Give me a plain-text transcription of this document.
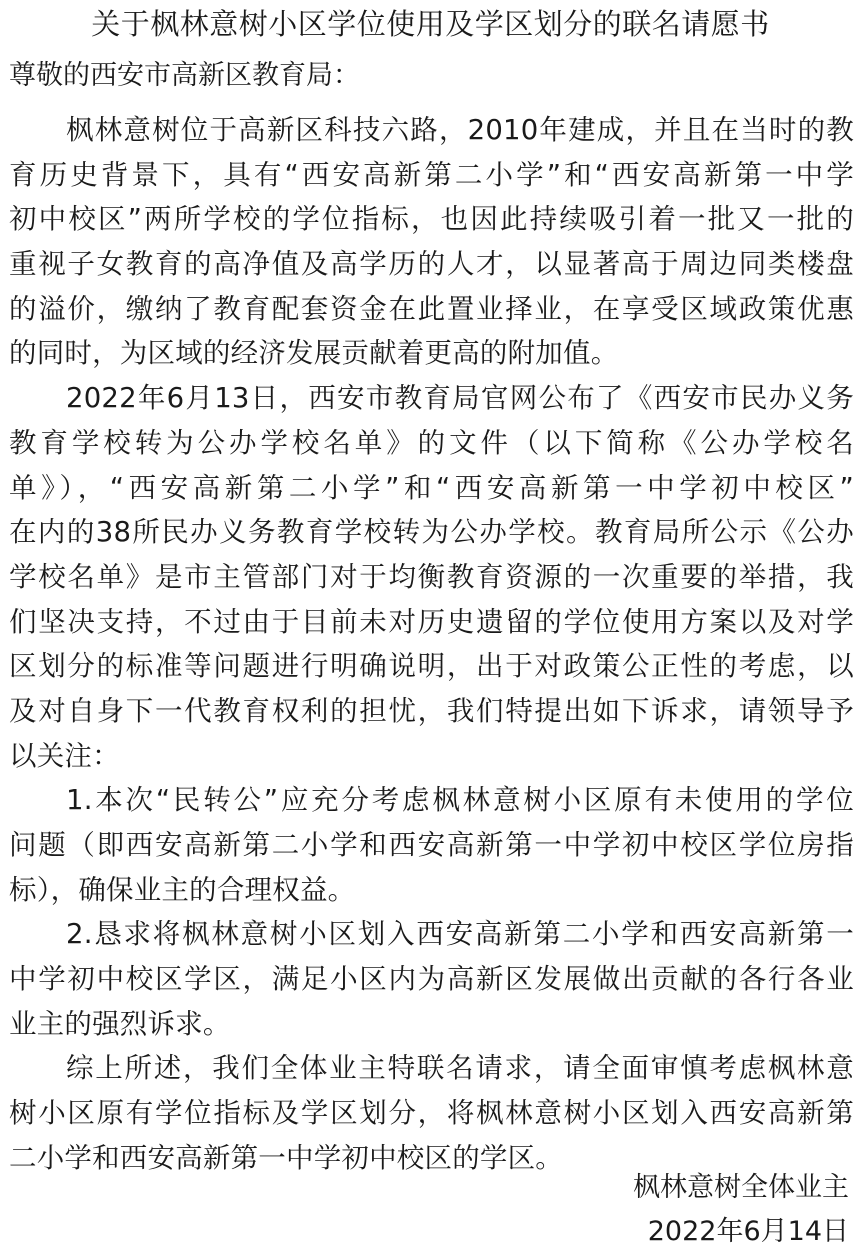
关于枫林意树小区学位使用及学区划分的联名请愿书
尊敬的西安市高新区教育局：
枫林意树位于高新区科技六路，2010年建成，并且在当时的教
育历史背景下，具有“西安高新第二小学”和“西安高新第一中学
初中校区”两所学校的学位指标，也因此持续吸引着一批又一批的
重视子女教育的高净值及高学历的人才，以显著高于周边同类楼盘
的溢价，缴纳了教育配套资金在此置业择业，在享受区域政策优惠
的同时，为区域的经济发展贡献着更高的附加值。
2022年6月13日，西安市教育局官网公布了《西安市民办义务
教育学校转为公办学校名单》的文件（以下简称《公办学校名
单》），“西安高新第二小学”和“西安高新第一中学初中校区”
在内的38所民办义务教育学校转为公办学校。教育局所公示《公办
学校名单》是市主管部门对于均衡教育资源的一次重要的举措，我
们坚决支持，不过由于目前未对历史遗留的学位使用方案以及对学
区划分的标准等问题进行明确说明，出于对政策公正性的考虑，以
及对自身下一代教育权利的担忧，我们特提出如下诉求，请领导予
以关注：
1.本次“民转公”应充分考虑枫林意树小区原有未使用的学位
问题（即西安高新第二小学和西安高新第一中学初中校区学位房指
标），确保业主的合理权益。
2.恳求将枫林意树小区划入西安高新第二小学和西安高新第一
中学初中校区学区，满足小区内为高新区发展做出贡献的各行各业
业主的强烈诉求。
综上所述，我们全体业主特联名请求，请全面审慎考虑枫林意
树小区原有学位指标及学区划分，将枫林意树小区划入西安高新第
二小学和西安高新第一中学初中校区的学区。
枫林意树全体业主
2022年6月14日
